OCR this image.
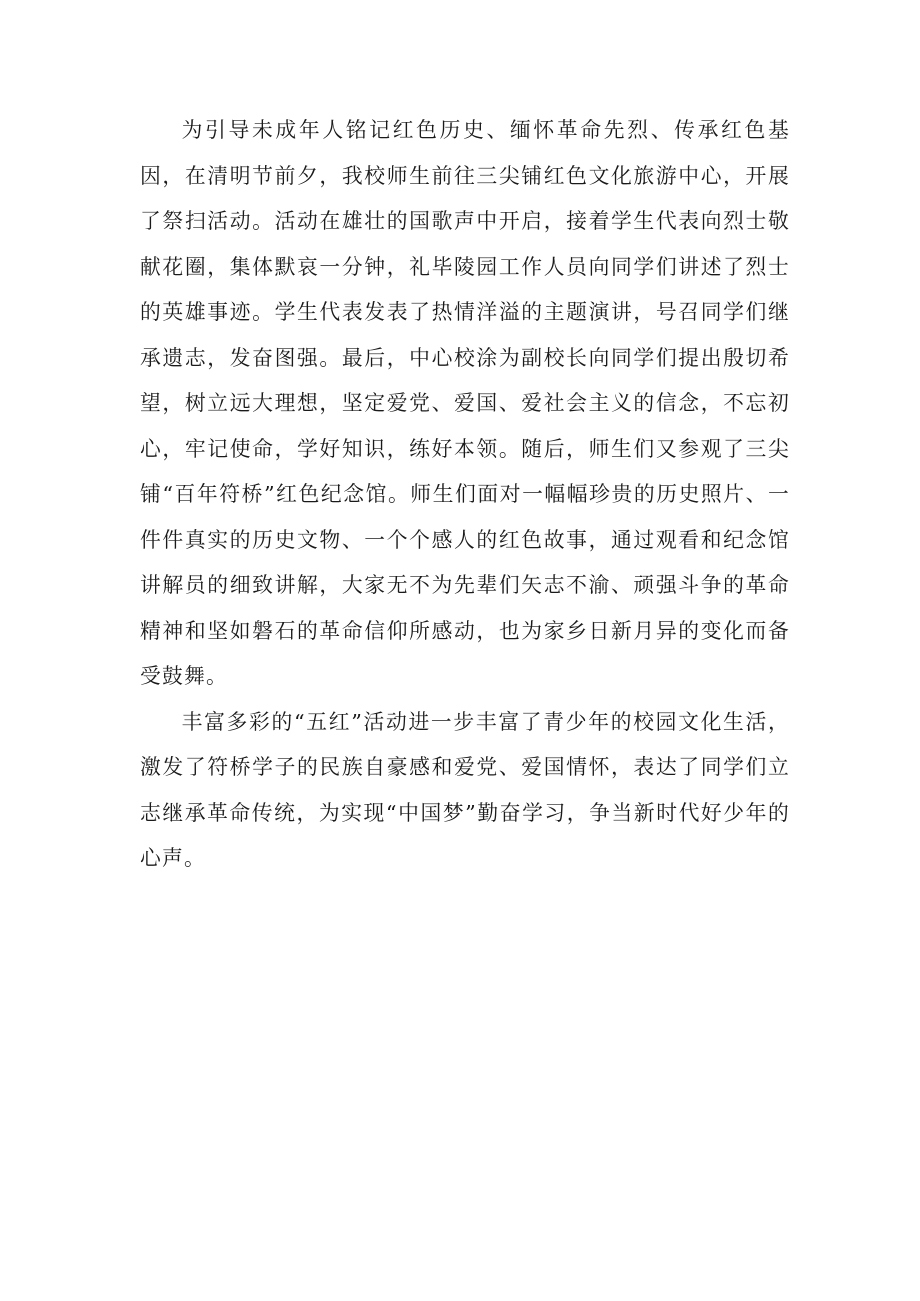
为引导未成年人铭记红色历史、缅怀革命先烈、传承红色基因，在清明节前夕，我校师生前往三尖铺红色文化旅游中心，开展了祭扫活动。活动在雄壮的国歌声中开启，接着学生代表向烈士敬献花圈，集体默哀一分钟，礼毕陵园工作人员向同学们讲述了烈士的英雄事迹。学生代表发表了热情洋溢的主题演讲，号召同学们继承遗志，发奋图强。最后，中心校涂为副校长向同学们提出殷切希望，树立远大理想，坚定爱党、爱国、爱社会主义的信念，不忘初心，牢记使命，学好知识，练好本领。随后，师生们又参观了三尖铺“百年符桥”红色纪念馆。师生们面对一幅幅珍贵的历史照片、一件件真实的历史文物、一个个感人的红色故事，通过观看和纪念馆讲解员的细致讲解，大家无不为先辈们矢志不渝、顽强斗争的革命精神和坚如磐石的革命信仰所感动，也为家乡日新月异的变化而备受鼓舞。

丰富多彩的“五红”活动进一步丰富了青少年的校园文化生活，激发了符桥学子的民族自豪感和爱党、爱国情怀，表达了同学们立志继承革命传统，为实现“中国梦”勤奋学习，争当新时代好少年的心声。
